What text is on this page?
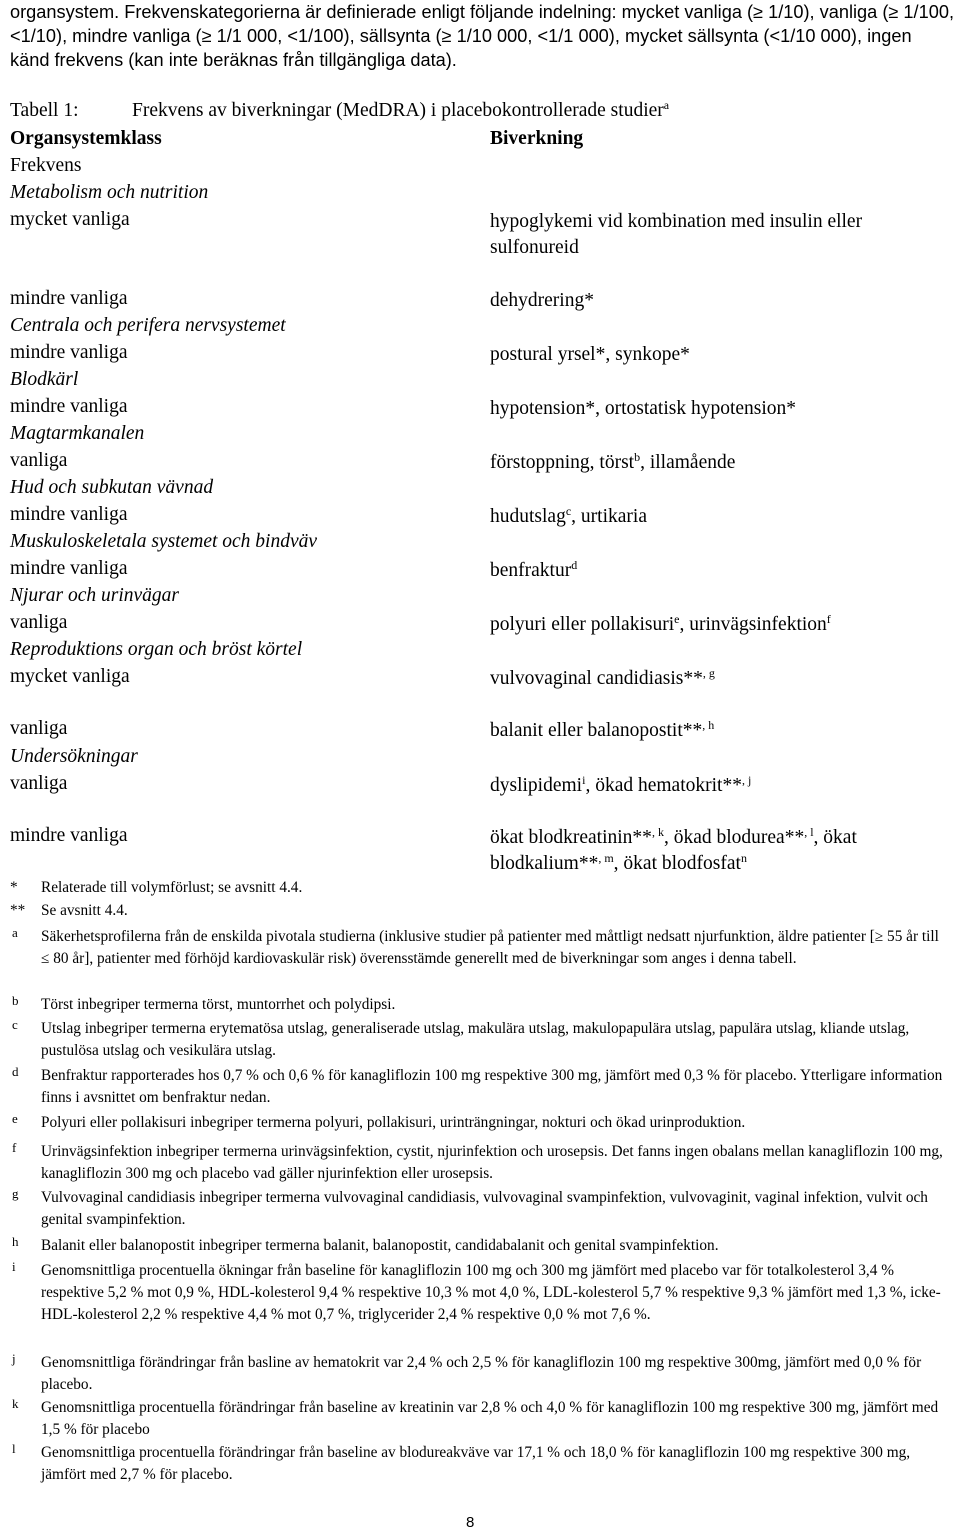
organsystem. Frekvenskategorierna är definierade enligt följande indelning: mycket vanliga (≥ 1/10), vanliga (≥ 1/100, <1/10), mindre vanliga (≥ 1/1 000, <1/100), sällsynta (≥ 1/10 000, <1/1 000), mycket sällsynta (<1/10 000), ingen känd frekvens (kan inte beräknas från tillgängliga data).

Tabell 1:	Frekvens av biverkningar (MedDRA) i placebokontrollerade studier$^a$
Organsystemklass	Biverkning
Frekvens
Metabolism och nutrition
mycket vanliga	hypoglykemi vid kombination med insulin eller sulfonureid
mindre vanliga	dehydrering*
Centrala och perifera nervsystemet
mindre vanliga	postural yrsel*, synkope*
Blodkärl
mindre vanliga	hypotension*, ortostatisk hypotension*
Magtarmkanalen
vanliga	förstoppning, törst$^b$, illamående
Hud och subkutan vävnad
mindre vanliga	hudutslag$^c$, urtikaria
Muskuloskeletala systemet och bindväv
mindre vanliga	benfraktur$^d$
Njurar och urinvägar
vanliga	polyuri eller pollakisuri$^e$, urinvägsinfektion$^f$
Reproduktions organ och bröst körtel
mycket vanliga	vulvovaginal candidiasis**$^{, g}$
vanliga	balanit eller balanopostit**$^{, h}$
Undersökningar
vanliga	dyslipidemi$^i$, ökad hematokrit**$^{, j}$
mindre vanliga	ökat blodkreatinin**$^{, k}$, ökad blodurea**$^{, l}$, ökat blodkalium**$^{, m}$, ökat blodfosfat$^n$
*	Relaterade till volymförlust; se avsnitt 4.4.
**	Se avsnitt 4.4.
a Säkerhetsprofilerna från de enskilda pivotala studierna (inklusive studier på patienter med måttligt nedsatt njurfunktion, äldre patienter [≥ 55 år till ≤ 80 år], patienter med förhöjd kardiovaskulär risk) överensstämde generellt med de biverkningar som anges i denna tabell.
b Törst inbegriper termerna törst, muntorrhet och polydipsi.
c Utslag inbegriper termerna erytematösa utslag, generaliserade utslag, makulära utslag, makulopapulära utslag, papulära utslag, kliande utslag, pustulösa utslag och vesikulära utslag.
d Benfraktur rapporterades hos 0,7 % och 0,6 % för kanagliflozin 100 mg respektive 300 mg, jämfört med 0,3 % för placebo. Ytterligare information finns i avsnittet om benfraktur nedan.
e Polyuri eller pollakisuri inbegriper termerna polyuri, pollakisuri, urinträngningar, nokturi och ökad urinproduktion.
f Urinvägsinfektion inbegriper termerna urinvägsinfektion, cystit, njurinfektion och urosepsis. Det fanns ingen obalans mellan kanagliflozin 100 mg, kanagliflozin 300 mg och placebo vad gäller njurinfektion eller urosepsis.
g Vulvovaginal candidiasis inbegriper termerna vulvovaginal candidiasis, vulvovaginal svampinfektion, vulvovaginit, vaginal infektion, vulvit och genital svampinfektion.
h Balanit eller balanopostit inbegriper termerna balanit, balanopostit, candidabalanit och genital svampinfektion.
i Genomsnittliga procentuella ökningar från baseline för kanagliflozin 100 mg och 300 mg jämfört med placebo var för totalkolesterol 3,4 % respektive 5,2 % mot 0,9 %, HDL-kolesterol 9,4 % respektive 10,3 % mot 4,0 %, LDL-kolesterol 5,7 % respektive 9,3 % jämfört med 1,3 %, icke-HDL-kolesterol 2,2 % respektive 4,4 % mot 0,7 %, triglycerider 2,4 % respektive 0,0 % mot 7,6 %.
j Genomsnittliga förändringar från basline av hematokrit var 2,4 % och 2,5 % för kanagliflozin 100 mg respektive 300mg, jämfört med 0,0 % för placebo.
k Genomsnittliga procentuella förändringar från baseline av kreatinin var 2,8 % och 4,0 % för kanagliflozin 100 mg respektive 300 mg, jämfört med 1,5 % för placebo
l Genomsnittliga procentuella förändringar från baseline av blodureakväve var 17,1 % och 18,0 % för kanagliflozin 100 mg respektive 300 mg, jämfört med 2,7 % för placebo.
8
